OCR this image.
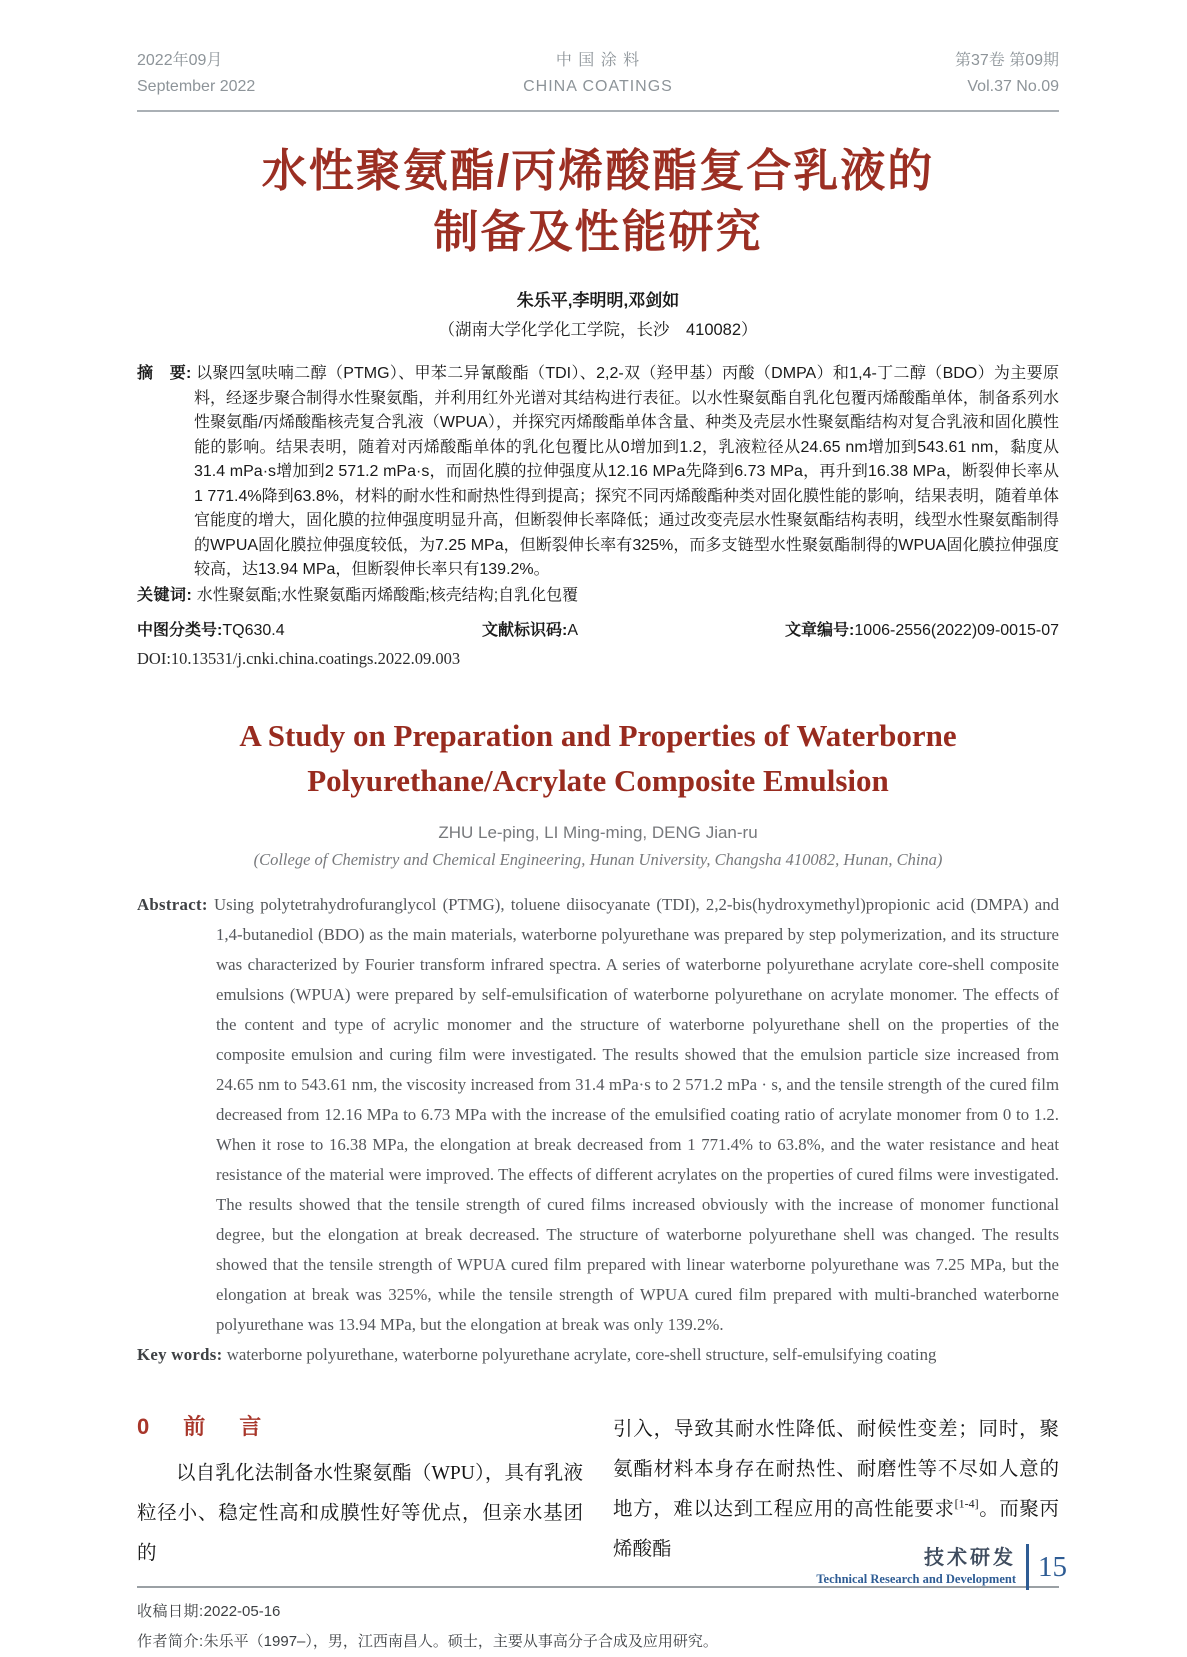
2022年09月
September 2022
中 国 涂 料
CHINA COATINGS
第37卷 第09期
Vol.37 No.09
水性聚氨酯/丙烯酸酯复合乳液的
制备及性能研究
朱乐平,李明明,邓剑如
（湖南大学化学化工学院，长沙　410082）

摘　要: 以聚四氢呋喃二醇（PTMG）、甲苯二异氰酸酯（TDI）、2,2-双（羟甲基）丙酸（DMPA）和1,4-丁二醇（BDO）为主要原料，经逐步聚合制得水性聚氨酯，并利用红外光谱对其结构进行表征。以水性聚氨酯自乳化包覆丙烯酸酯单体，制备系列水性聚氨酯/丙烯酸酯核壳复合乳液（WPUA），并探究丙烯酸酯单体含量、种类及壳层水性聚氨酯结构对复合乳液和固化膜性能的影响。结果表明，随着对丙烯酸酯单体的乳化包覆比从0增加到1.2，乳液粒径从24.65 nm增加到543.61 nm，黏度从31.4 mPa·s增加到2 571.2 mPa·s，而固化膜的拉伸强度从12.16 MPa先降到6.73 MPa，再升到16.38 MPa，断裂伸长率从1 771.4%降到63.8%，材料的耐水性和耐热性得到提高；探究不同丙烯酸酯种类对固化膜性能的影响，结果表明，随着单体官能度的增大，固化膜的拉伸强度明显升高，但断裂伸长率降低；通过改变壳层水性聚氨酯结构表明，线型水性聚氨酯制得的WPUA固化膜拉伸强度较低，为7.25 MPa，但断裂伸长率有325%，而多支链型水性聚氨酯制得的WPUA固化膜拉伸强度较高，达13.94 MPa，但断裂伸长率只有139.2%。

关键词: 水性聚氨酯;水性聚氨酯丙烯酸酯;核壳结构;自乳化包覆

中图分类号:TQ630.4	文献标识码:A	文章编号:1006-2556(2022)09-0015-07
DOI:10.13531/j.cnki.china.coatings.2022.09.003
A Study on Preparation and Properties of Waterborne
Polyurethane/Acrylate Composite Emulsion
ZHU Le-ping, LI Ming-ming, DENG Jian-ru
(College of Chemistry and Chemical Engineering, Hunan University, Changsha 410082, Hunan, China)

Abstract: Using polytetrahydrofuranglycol (PTMG), toluene diisocyanate (TDI), 2,2-bis(hydroxymethyl)propionic acid (DMPA) and 1,4-butanediol (BDO) as the main materials, waterborne polyurethane was prepared by step polymerization, and its structure was characterized by Fourier transform infrared spectra. A series of waterborne polyurethane acrylate core-shell composite emulsions (WPUA) were prepared by self-emulsification of waterborne polyurethane on acrylate monomer. The effects of the content and type of acrylic monomer and the structure of waterborne polyurethane shell on the properties of the composite emulsion and curing film were investigated. The results showed that the emulsion particle size increased from 24.65 nm to 543.61 nm, the viscosity increased from 31.4 mPa·s to 2 571.2 mPa · s, and the tensile strength of the cured film decreased from 12.16 MPa to 6.73 MPa with the increase of the emulsified coating ratio of acrylate monomer from 0 to 1.2. When it rose to 16.38 MPa, the elongation at break decreased from 1 771.4% to 63.8%, and the water resistance and heat resistance of the material were improved. The effects of different acrylates on the properties of cured films were investigated. The results showed that the tensile strength of cured films increased obviously with the increase of monomer functional degree, but the elongation at break decreased. The structure of waterborne polyurethane shell was changed. The results showed that the tensile strength of WPUA cured film prepared with linear waterborne polyurethane was 7.25 MPa, but the elongation at break was 325%, while the tensile strength of WPUA cured film prepared with multi-branched waterborne polyurethane was 13.94 MPa, but the elongation at break was only 139.2%.

Key words: waterborne polyurethane, waterborne polyurethane acrylate, core-shell structure, self-emulsifying coating

0　前　言

以自乳化法制备水性聚氨酯（WPU），具有乳液粒径小、稳定性高和成膜性好等优点，但亲水基团的

引入，导致其耐水性降低、耐候性变差；同时，聚氨酯材料本身存在耐热性、耐磨性等不尽如人意的地方，难以达到工程应用的高性能要求[1-4]。而聚丙烯酸酯

收稿日期:2022-05-16
作者简介:朱乐平（1997–），男，江西南昌人。硕士，主要从事高分子合成及应用研究。
技术研发
Technical Research and Development 15
